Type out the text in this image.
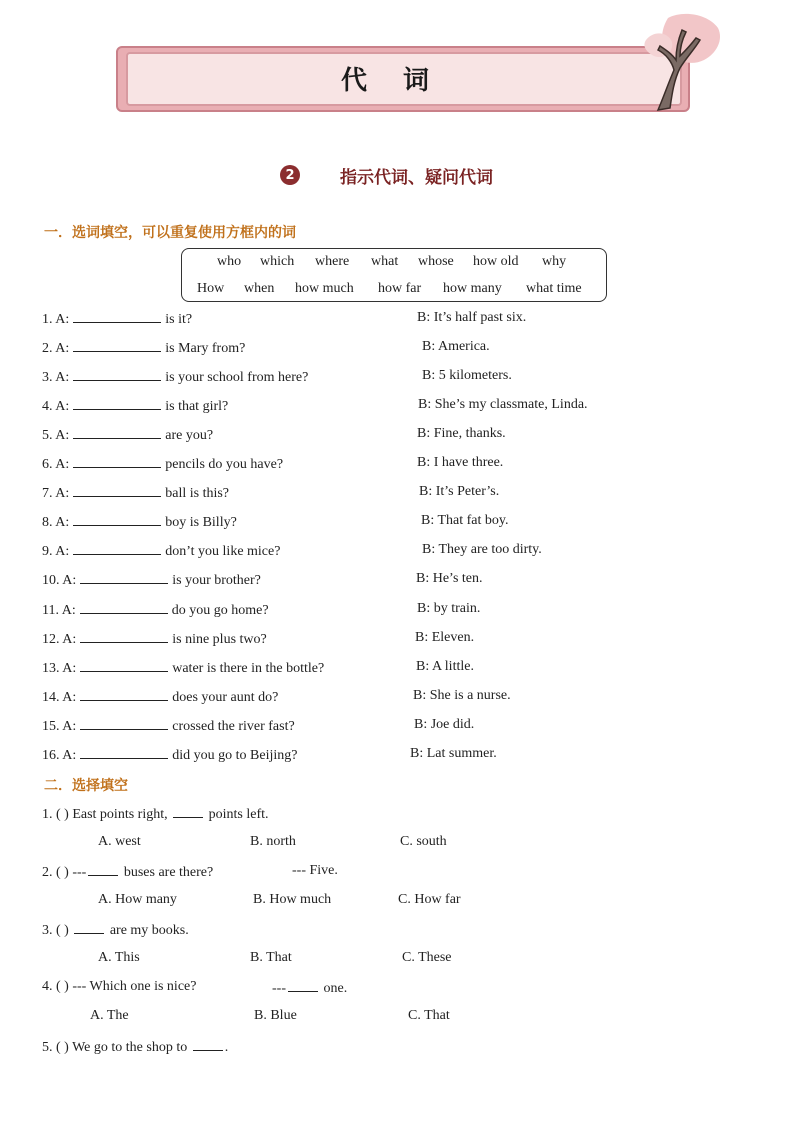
代词
2	指示代词、疑问代词
一．选词填空，可以重复使用方框内的词
who which where what whose how old why
How when how much how far how many what time
1. A:	is it?	B: It’s half past six.
2. A:	is Mary from?	B: America.
3. A:	is your school from here?	B: 5 kilometers.
4. A:	is that girl?	B: She’s my classmate, Linda.
5. A:	are you?	B: Fine, thanks.
6. A:	pencils do you have?	B: I have three.
7. A:	ball is this?	B: It’s Peter’s.
8. A:	boy is Billy?	B: That fat boy.
9. A:	don’t you like mice?	B: They are too dirty.
10. A:	is your brother?	B: He’s ten.
11. A:	do you go home?	B: by train.
12. A:	is nine plus two?	B: Eleven.
13. A:	water is there in the bottle?	B: A little.
14. A:	does your aunt do?	B: She is a nurse.
15. A:	crossed the river fast?	B: Joe did.
16. A:	did you go to Beijing?	B: Lat summer.
二．选择填空
1. ( ) East points right,	points left.
A. west	B. north	C. south
2. ( ) ---	buses are there?	--- Five.
A. How many	B. How much	C. How far
3. ( )	are my books.
A. This	B. That	C. These
4. ( ) --- Which one is nice?	---	one.
A. The	B. Blue	C. That
5. ( ) We go to the shop to	.
